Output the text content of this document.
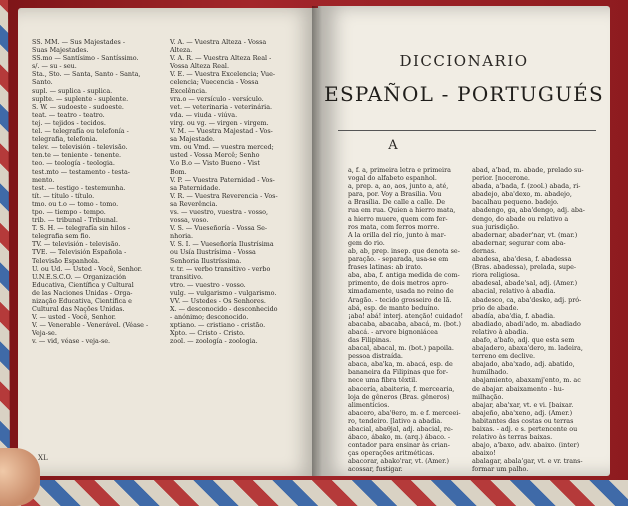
SS. MM. — Sus Majestades -
Suas Majestades.
SS.mo — Santísimo - Santíssimo.
s/. — su - seu.
Sta., Sto. — Santa, Santo - Santa,
Santo.
supl. — suplica - suplica.
suplte. — suplente - suplente.
S. W. — sudoeste - sudoeste.
teat. — teatro - teatro.
tej. — tejidos - tecidos.
tel. — telegrafía ou telefonía -
telegrafia, telefonia.
telev. — televisión - televisão.
ten.te — teniente - tenente.
teo. — teología - teologia.
test.mto — testamento - testa-
mento.
test. — testigo - testemunha.
tít. — título - título.
tmo. ou t.o — tomo - tomo.
tpo. — tiempo - tempo.
trib. — tribunal - Tribunal.
T. S. H. — telegrafía sin hilos -
telegrafia sem fio.
TV. — televisión - televisão.
TVE. — Televisión Española -
Televisão Espanhola.
U. ou Ud. — Usted - Você, Senhor.
U.N.E.S.C.O. — Organización
Educativa, Científica y Cultural
de las Naciones Unidas - Orga-
nização Educativa, Científica e
Cultural das Nações Unidas.
V. — usted - Você, Senhor.
V. — Venerable - Venerável. (Véase -
Veja-se.
v. — vid, véase - veja-se.
V. A. — Vuestra Alteza - Vossa
Alteza.
V. A. R. — Vuestra Alteza Real -
Vossa Alteza Real.
V. E. — Vuestra Excelencia; Vue-
celencia; Vuecencia - Vossa
Excelência.
vra.o — versículo - versículo.
vet. — veterinaria - veterinária.
vda. — viuda - viúva.
virg. ou vg. — virgen - virgem.
V. M. — Vuestra Majestad - Vos-
sa Majestade.
vm. ou Vmd. — vuestra merced;
usted - Vossa Mercê; Senho
V.o B.o — Visto Bueno - Vist
Bom.
V. P. — Vuestra Paternidad - Vos-
sa Paternidade.
V. R. — Vuestra Reverencia - Vos-
sa Reverência.
vs. — vuestro, vuestra - vosso,
vossa, voso.
V. S. — Vueseñoría - Vossa Se-
nhoria.
V. S. I. — Vueseñoría Ilustrísima
ou Usía Ilustrísima - Vossa
Senhoria Ilustríssima.
v. tr. — verbo transitivo - verbo
transitivo.
vtro. — vuestro - vosso.
vulg. — vulgarismo - vulgarismo.
VV. — Ustedes - Os Senhores.
X. — desconocido - desconhecido
- anónimo; desconocido.
xptiano. — cristiano - cristão.
Xpto. — Cristo - Cristo.
zool. — zoología - zoologia.
XL
DICCIONARIO
ESPAÑOL - PORTUGUÉS
A
a, f. a, primeira letra e primeira
vogal do alfabeto espanhol.
a, prep. a, ao, aos, junto a, até,
para, por. Voy a Brasilia. Vou
a Brasília. De calle a calle. De
rua em rua. Quien a hierro mata,
a hierro muere, quem com fer-
ros mata, com ferros morre.
A la orilla del río, junto à mar-
gem do rio.
ab, ab, prep. insep. que denota se-
paração. - separada, usa-se em
frases latinas: ab irato.
aba, aba, f. antiga medida de com-
primento, de dois metros apro-
ximadamente, usada no reino de
Aragão. - tecido grosseiro de lã.
abá, esp. de manto beduíno.
¡aba! abá! interj. atenção! cuidado!
abacaba, abacaba, abacá, m. (bot.)
abacá. - arvore bignoniácea
das Filipinas.
abacal, abacal, m. (bot.) papoila.
pessoa distraída.
abaca, aba'ka, m. abacá, esp. de
bananeira da Filipinas que for-
nece uma fibra têxtil.
abacería, abaiteria, f. mercearia,
loja de gêneros (Bras. gêneros)
alimentícios.
abacero, aba'θero, m. e f. merceei-
ro, tendeiro. [lativo a abadia.
abacial, abaθjal, adj. abacial, re-
ábaco, ábako, m. (arq.) ábaco. -
contador para ensinar às crian-
ças operações aritméticas.
abacorar, abako'rar, vt. (Amer.)
acossar, fustigar.
abad, a'bad, m. abade, prelado su-
perior. [nocerone.
abada, a'bada, f. (zool.) abada, ri-
abadejo, aba'dexo, m. abadejo,
bacalhau pequeno. badejo.
abadengo, ga, aba'dengo, adj. aba-
dengo, do abade ou relativo a
sua jurisdição.
abadernar, abader'nar, vt. (mar.)
abadernar, segurar com aba-
dernas.
abadesa, aba'desa, f. abadessa
(Bras. abadessa), prelada, supe-
riora religiosa.
abadesal, abade'sal, adj. (Amer.)
abacial, relativo à abadia.
abadesco, ca, aba'desko, adj. pró-
prio de abade.
abadía, aba'dia, f. abadia.
abadiado, abadi'ado, m. abadiado
relativo à abadia.
abafo, a'bafo, adj. que esta sem
abajadero, abaxa'dero, m. ladeira,
terreno em declive.
abajado, aba'xado, adj. abatido,
humilhado.
abajamiento, abaxamj'ento, m. ac
de abajar. abaixamento - hu-
milhação.
abajar, aba'xar, vt. e vi. [baixar.
abajeño, aba'xeno, adj. (Amer.)
habitantes das costas ou terras
baixas. - adj. e s. pertencente ou
relativo às terras baixas.
abajo, a'baxo, adv. abaixo. (inter)
abaixo!
abalagar, abala'gar, vt. e vr. trans-
formar um palho.
